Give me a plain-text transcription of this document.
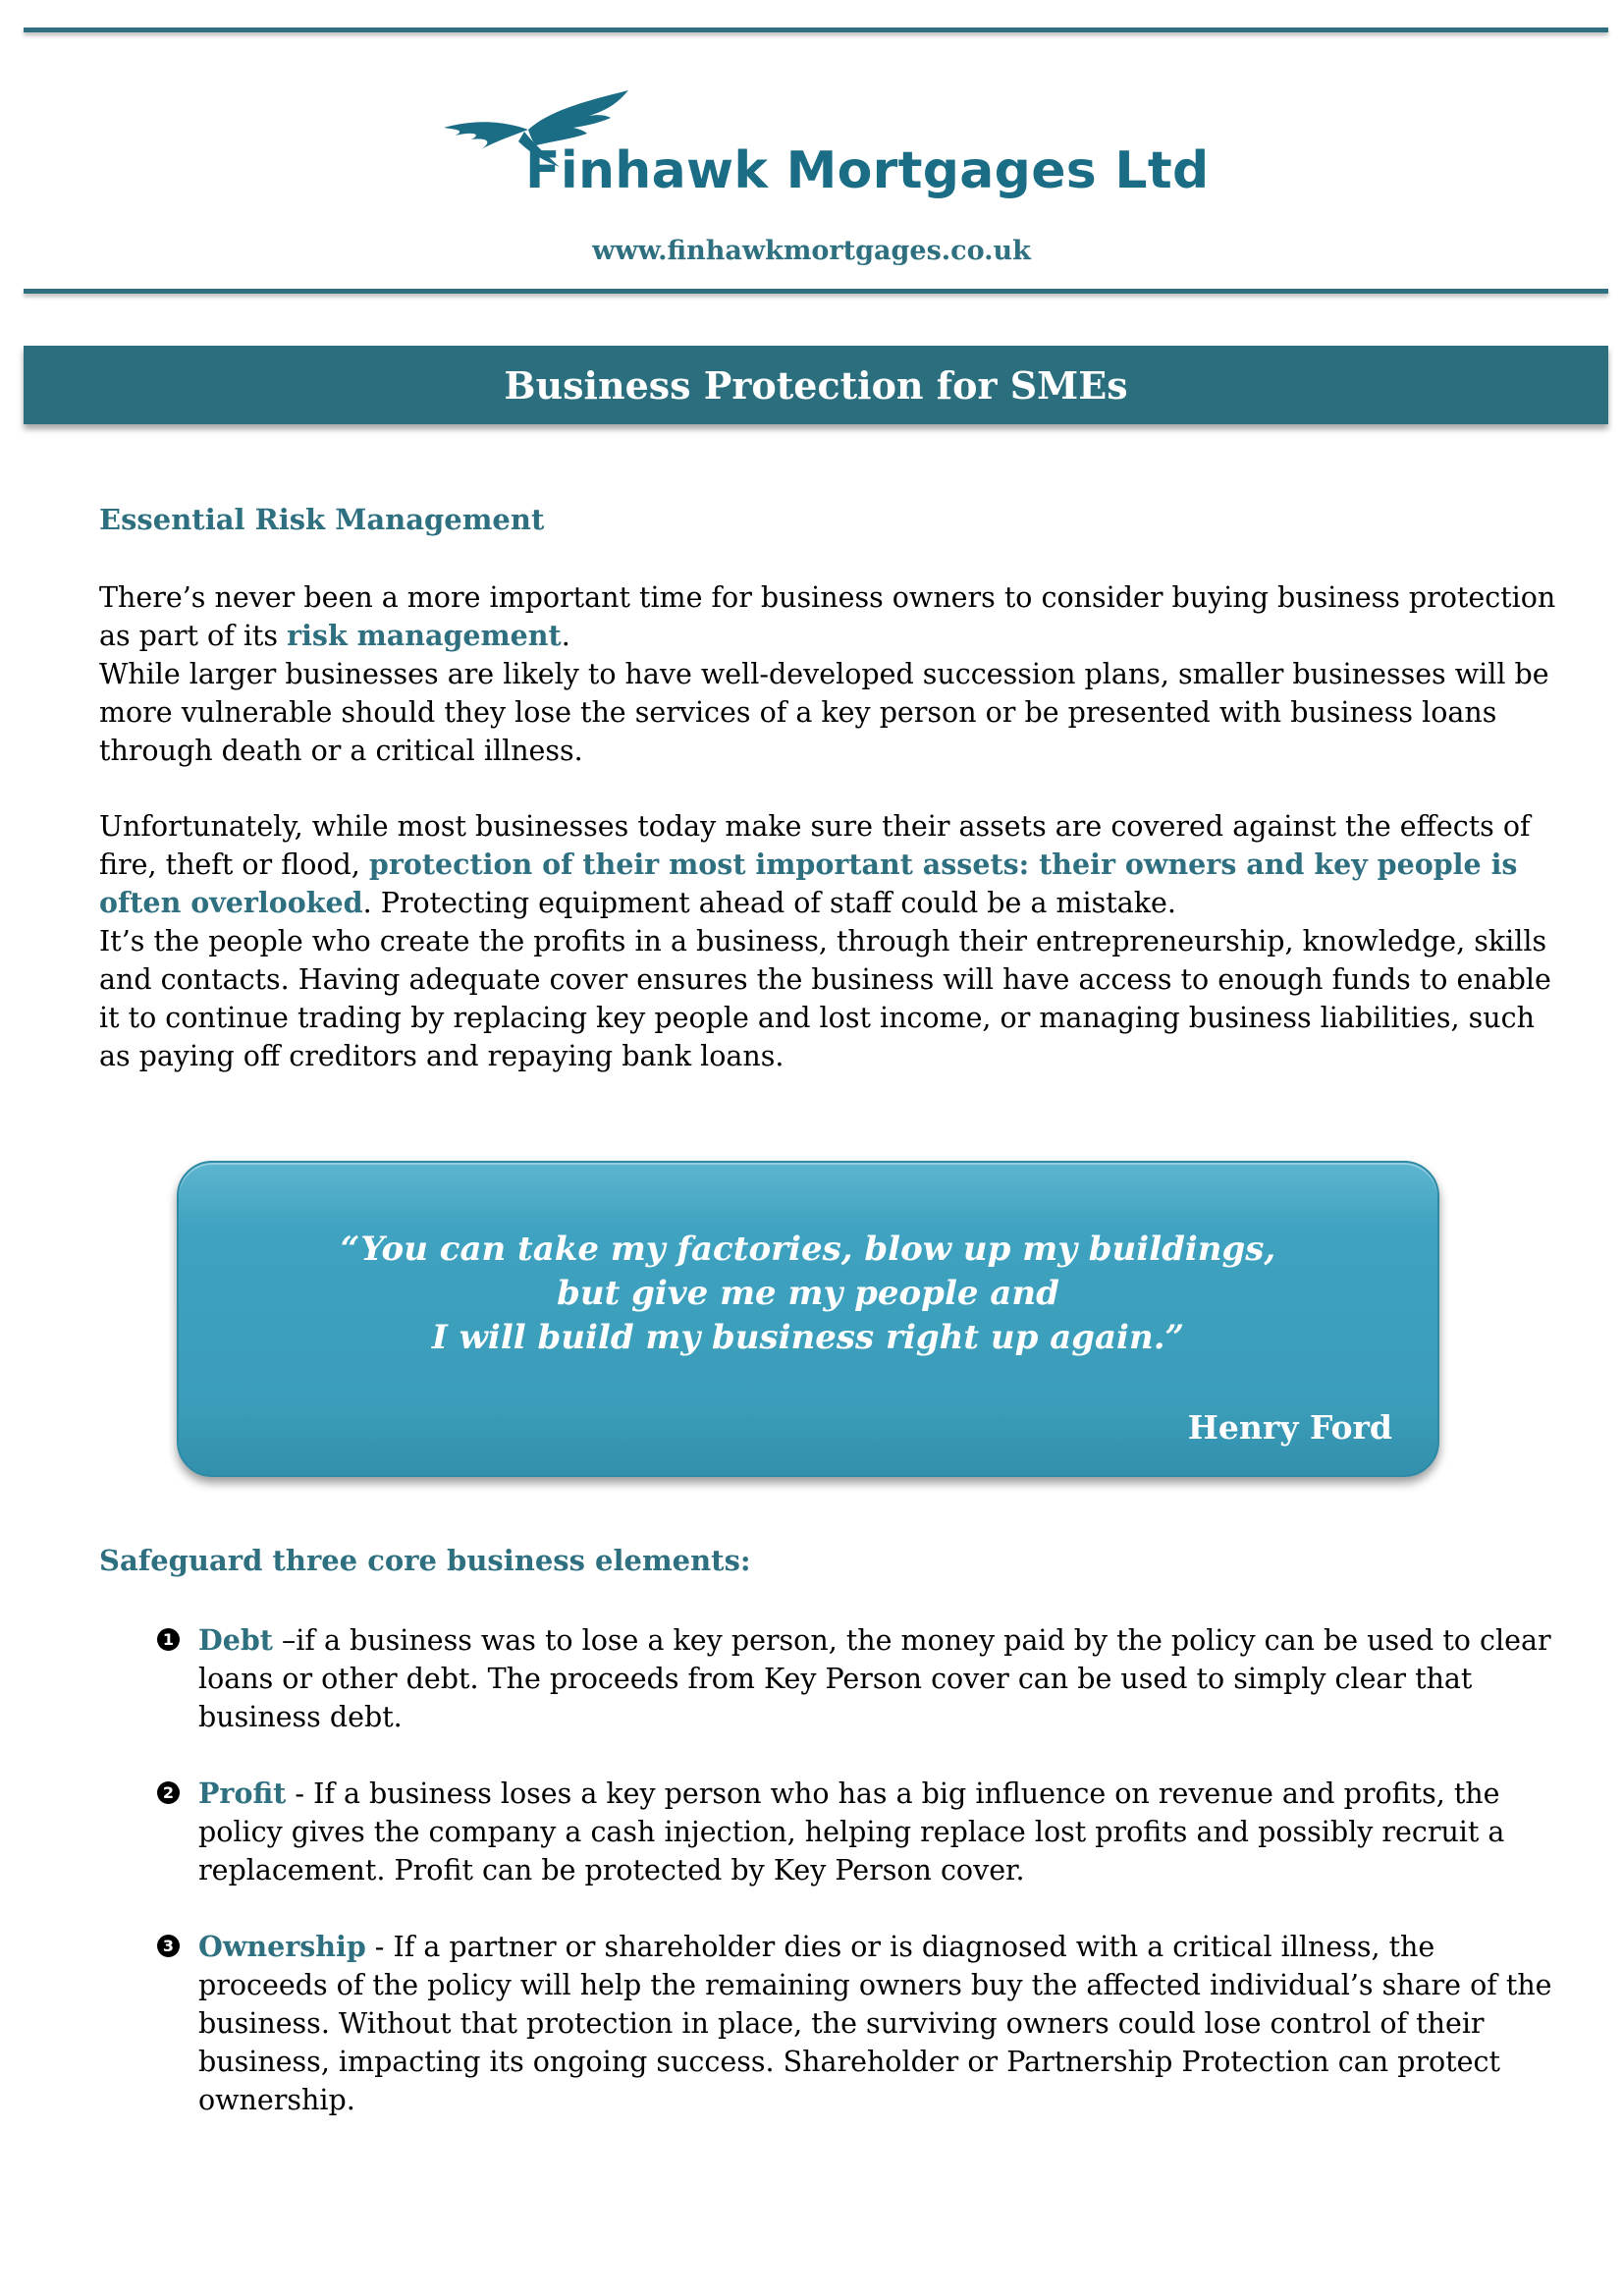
Finhawk Mortgages Ltd
www.finhawkmortgages.co.uk
Business Protection for SMEs
Essential Risk Management

There’s never been a more important time for business owners to consider buying business protection as part of its risk management.

While larger businesses are likely to have well-developed succession plans, smaller businesses will be more vulnerable should they lose the services of a key person or be presented with business loans through death or a critical illness.

Unfortunately, while most businesses today make sure their assets are covered against the effects of fire, theft or flood, protection of their most important assets: their owners and key people is often overlooked. Protecting equipment ahead of staff could be a mistake.

It’s the people who create the profits in a business, through their entrepreneurship, knowledge, skills and contacts. Having adequate cover ensures the business will have access to enough funds to enable it to continue trading by replacing key people and lost income, or managing business liabilities, such as paying off creditors and repaying bank loans.

“You can take my factories, blow up my buildings,
but give me my people and
I will build my business right up again.”
Henry Ford
Safeguard three core business elements:
1 Debt –if a business was to lose a key person, the money paid by the policy can be used to clear loans or other debt. The proceeds from Key Person cover can be used to simply clear that business debt.
2 Profit - If a business loses a key person who has a big influence on revenue and profits, the policy gives the company a cash injection, helping replace lost profits and possibly recruit a replacement. Profit can be protected by Key Person cover.
3 Ownership - If a partner or shareholder dies or is diagnosed with a critical illness, the proceeds of the policy will help the remaining owners buy the affected individual’s share of the business. Without that protection in place, the surviving owners could lose control of their business, impacting its ongoing success. Shareholder or Partnership Protection can protect ownership.
